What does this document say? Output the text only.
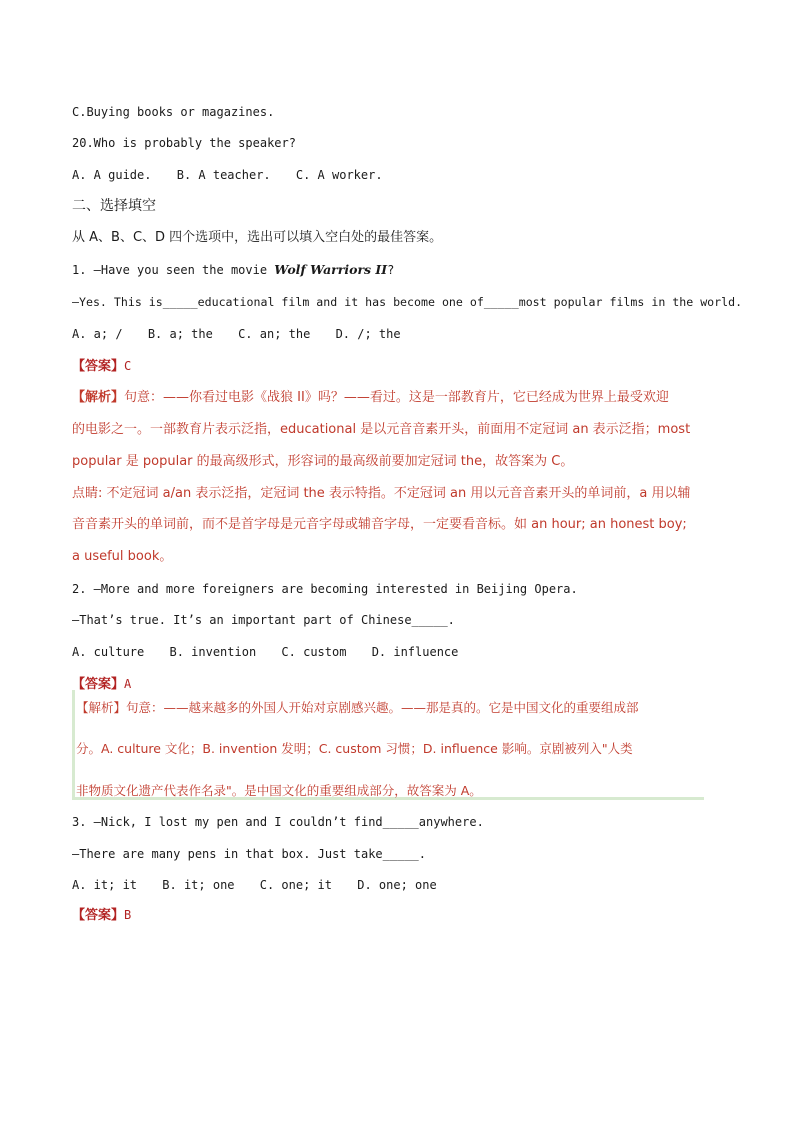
C.Buying books or magazines.
20.Who is probably the speaker?
A. A guide. B. A teacher. C. A worker.
二、选择填空
从 A、B、C、D 四个选项中，选出可以填入空白处的最佳答案。
1. —Have you seen the movie Wolf Warriors II?
—Yes. This is_____educational film and it has become one of_____most popular films in the world.
A. a; / B. a; the C. an; the D. /; the
【答案】C
【解析】句意：——你看过电影《战狼 II》吗？——看过。这是一部教育片，它已经成为世界上最受欢迎
的电影之一。一部教育片表示泛指，educational 是以元音音素开头，前面用不定冠词 an 表示泛指；most
popular 是 popular 的最高级形式，形容词的最高级前要加定冠词 the，故答案为 C。
点睛: 不定冠词 a/an 表示泛指，定冠词 the 表示特指。不定冠词 an 用以元音音素开头的单词前，a 用以辅
音音素开头的单词前，而不是首字母是元音字母或辅音字母，一定要看音标。如 an hour; an honest boy;
a useful book。
2. —More and more foreigners are becoming interested in Beijing Opera.
—That’s true. It’s an important part of Chinese_____.
A. culture B. invention C. custom D. influence
【答案】A
【解析】句意：——越来越多的外国人开始对京剧感兴趣。——那是真的。它是中国文化的重要组成部
分。A. culture 文化；B. invention 发明；C. custom 习惯；D. influence 影响。京剧被列入"人类
非物质文化遗产代表作名录"。是中国文化的重要组成部分，故答案为 A。
3. —Nick, I lost my pen and I couldn’t find_____anywhere.
—There are many pens in that box. Just take_____.
A. it; it B. it; one C. one; it D. one; one
【答案】B
